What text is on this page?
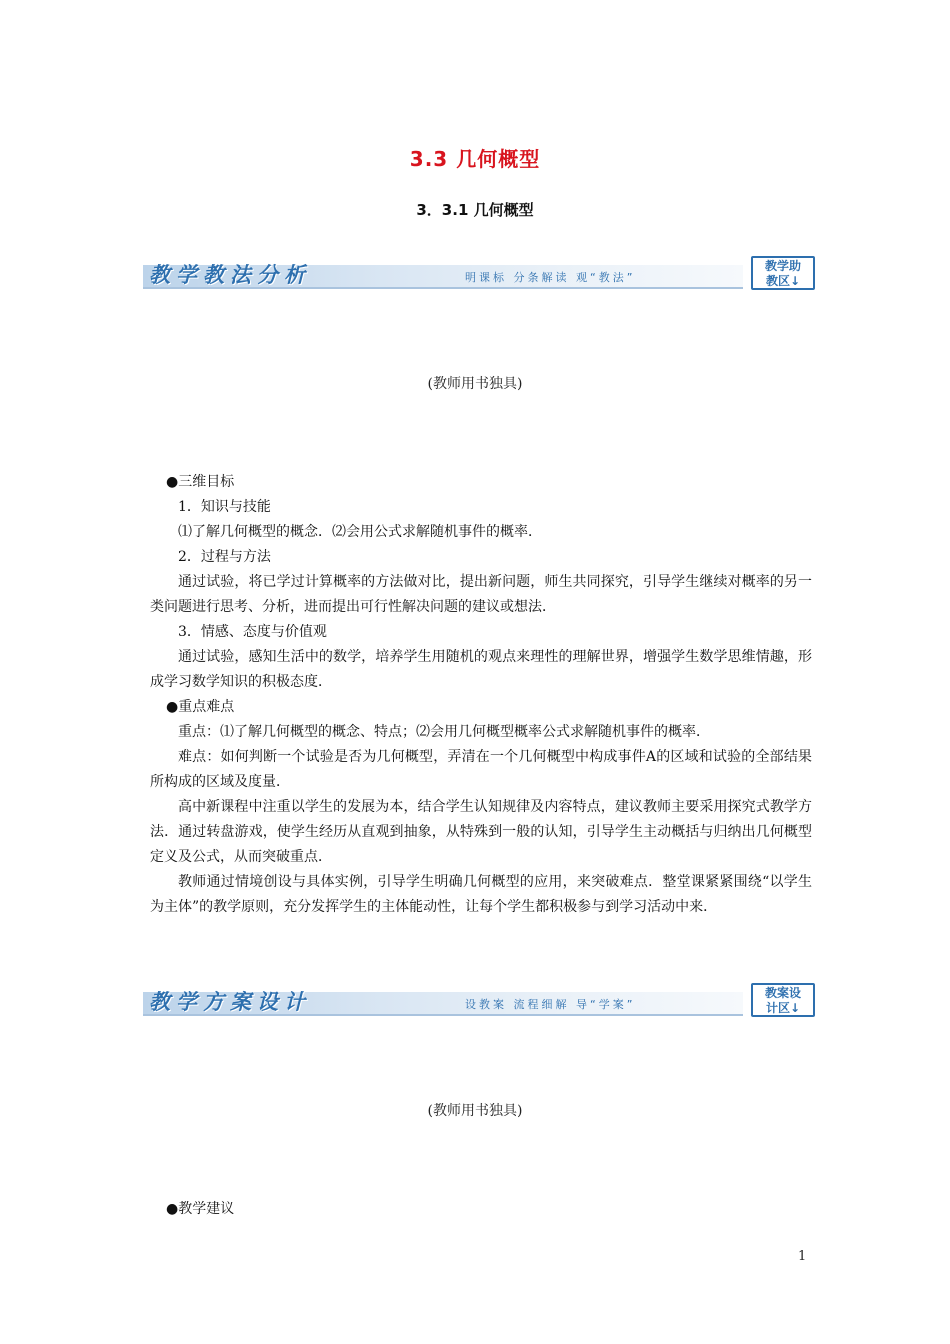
3.3 几何概型
3．3.1 几何概型
教学教法分析	明课标 分条解读 观“教法”
教学助
教区↓
(教师用书独具)
●三维目标
1．知识与技能
⑴了解几何概型的概念．⑵会用公式求解随机事件的概率．
2．过程与方法
通过试验，将已学过计算概率的方法做对比，提出新问题，师生共同探究，引导学生继续对概率的另一类问题进行思考、分析，进而提出可行性解决问题的建议或想法．
3．情感、态度与价值观
通过试验，感知生活中的数学，培养学生用随机的观点来理性的理解世界，增强学生数学思维情趣，形成学习数学知识的积极态度．
●重点难点
重点：⑴了解几何概型的概念、特点；⑵会用几何概型概率公式求解随机事件的概率．
难点：如何判断一个试验是否为几何概型，弄清在一个几何概型中构成事件A的区域和试验的全部结果所构成的区域及度量．
高中新课程中注重以学生的发展为本，结合学生认知规律及内容特点，建议教师主要采用探究式教学方法．通过转盘游戏，使学生经历从直观到抽象，从特殊到一般的认知，引导学生主动概括与归纳出几何概型定义及公式，从而突破重点．
教师通过情境创设与具体实例，引导学生明确几何概型的应用，来突破难点．整堂课紧紧围绕“以学生为主体”的教学原则，充分发挥学生的主体能动性，让每个学生都积极参与到学习活动中来．
教学方案设计	设教案 流程细解 导“学案”
教案设
计区↓
(教师用书独具)
●教学建议
1
